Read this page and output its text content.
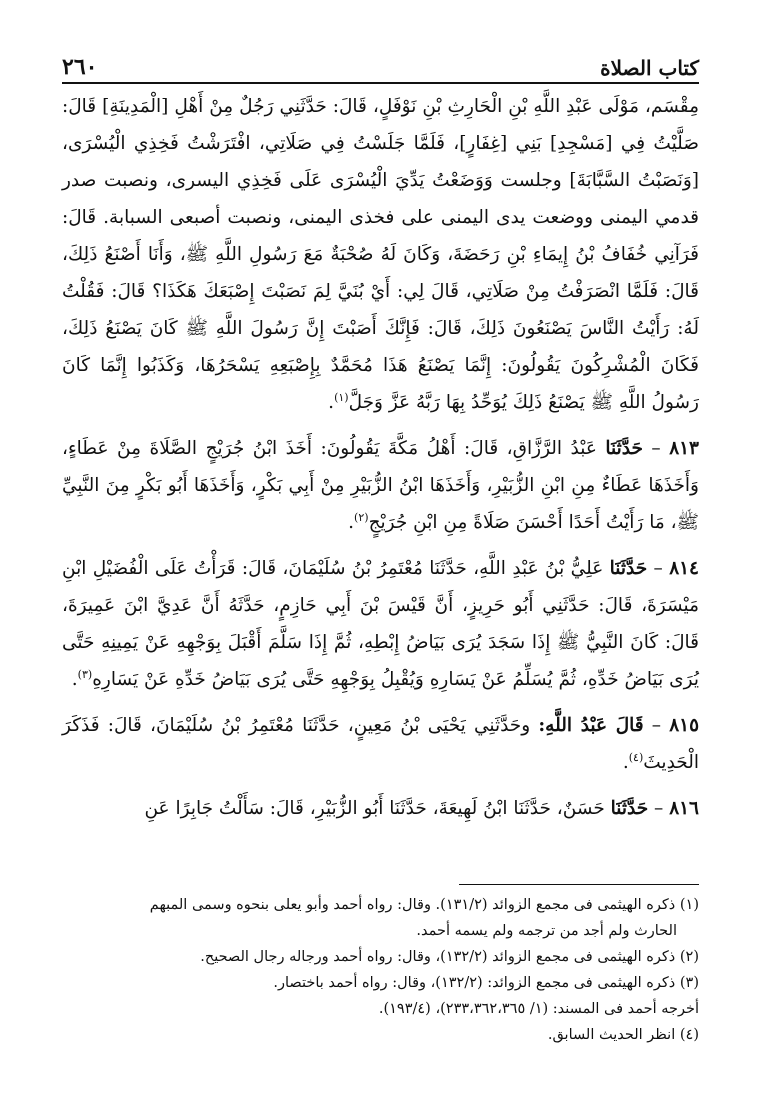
كتاب الصلاة
٢٦٠

مِقْسَم، مَوْلَى عَبْدِ اللَّهِ بْنِ الْحَارِثِ بْنِ نَوْفَلٍ، قَالَ: حَدَّثَنِي رَجُلٌ مِنْ أَهْلِ [الْمَدِينَةِ] قَالَ: صَلَّيْتُ فِي [مَسْجِدِ] بَنِي [غِفَارٍ]، فَلَمَّا جَلَسْتُ فِي صَلَاتِي، افْتَرَشْتُ فَخِذِي الْيُسْرَى، [وَنَصَبْتُ السَّبَّابَةَ] وجلست وَوَضَعْتُ يَدِّيَ الْيُسْرَى عَلَى فَخِذِي اليسرى، ونصبت صدر قدمي اليمنى ووضعت يدى اليمنى على فخذى اليمنى، ونصبت أصبعى السبابة. قَالَ: فَرَآنِي خُفَافُ بْنُ إِيمَاءِ بْنِ رَحَضَةَ، وَكَانَ لَهُ صُحْبَةٌ مَعَ رَسُولِ اللَّهِ ﷺ، وَأَنَا أَصْنَعُ ذَلِكَ، قَالَ: فَلَمَّا انْصَرَفْتُ مِنْ صَلَاتِي، قَالَ لِي: أَيْ بُنَيَّ لِمَ نَصَبْتَ إِصْبَعَكَ هَكَذَا؟ قَالَ: فَقُلْتُ لَهُ: رَأَيْتُ النَّاسَ يَصْنَعُونَ ذَلِكَ، قَالَ: فَإِنَّكَ أَصَبْتَ إِنَّ رَسُولَ اللَّهِ ﷺ كَانَ يَصْنَعُ ذَلِكَ، فَكَانَ الْمُشْرِكُونَ يَقُولُونَ: إِنَّمَا يَصْنَعُ هَذَا مُحَمَّدٌ بِإِصْبَعِهِ يَسْحَرُهَا، وَكَذَبُوا إِنَّمَا كَانَ رَسُولُ اللَّهِ ﷺ يَصْنَعُ ذَلِكَ يُوَحِّدُ بِهَا رَبَّهُ عَزَّ وَجَلَّ$^{(١)}$.

٨١٣ – حَدَّثَنَا عَبْدُ الرَّزَّاقِ، قَالَ: أَهْلُ مَكَّةَ يَقُولُونَ: أَخَذَ ابْنُ جُرَيْجٍ الصَّلَاةَ مِنْ عَطَاءٍ، وَأَخَذَهَا عَطَاءٌ مِنِ ابْنِ الزُّبَيْرِ، وَأَخَذَهَا ابْنُ الزُّبَيْرِ مِنْ أَبِي بَكْرٍ، وَأَخَذَهَا أَبُو بَكْرٍ مِنَ النَّبِيِّ ﷺ، مَا رَأَيْتُ أَحَدًا أَحْسَنَ صَلَاةً مِنِ ابْنِ جُرَيْجٍ$^{(٢)}$.

٨١٤ – حَدَّثَنَا عَلِيُّ بْنُ عَبْدِ اللَّهِ، حَدَّثَنَا مُعْتَمِرُ بْنُ سُلَيْمَانَ، قَالَ: قَرَأْتُ عَلَى الْفُضَيْلِ ابْنِ مَيْسَرَةَ، قَالَ: حَدَّثَنِي أَبُو حَرِيزٍ، أَنَّ قَيْسَ بْنَ أَبِي حَازِمٍ، حَدَّثَهُ أَنَّ عَدِيَّ ابْنَ عَمِيرَةَ، قَالَ: كَانَ النَّبِيُّ ﷺ إِذَا سَجَدَ يُرَى بَيَاضُ إِبْطِهِ، ثُمَّ إِذَا سَلَّمَ أَقْبَلَ بِوَجْهِهِ عَنْ يَمِينِهِ حَتَّى يُرَى بَيَاضُ خَدِّهِ، ثُمَّ يُسَلِّمُ عَنْ يَسَارِهِ وَيُقْبِلُ بِوَجْهِهِ حَتَّى يُرَى بَيَاضُ خَدِّهِ عَنْ يَسَارِهِ$^{(٣)}$.

٨١٥ – قَالَ عَبْدُ اللَّهِ: وحَدَّثَنِي يَحْيَى بْنُ مَعِينٍ، حَدَّثَنَا مُعْتَمِرُ بْنُ سُلَيْمَانَ، قَالَ: فَذَكَرَ الْحَدِيثَ$^{(٤)}$.

٨١٦ – حَدَّثَنَا حَسَنٌ، حَدَّثَنَا ابْنُ لَهِيعَةَ، حَدَّثَنَا أَبُو الزُّبَيْرِ، قَالَ: سَأَلْتُ جَابِرًا عَنِ

(١) ذكره الهيثمى فى مجمع الزوائد (١٣١/٢). وقال: رواه أحمد وأبو يعلى بنحوه وسمى المبهم

الحارث ولم أجد من ترجمه ولم يسمه أحمد.

(٢) ذكره الهيثمى فى مجمع الزوائد (١٣٢/٢)، وقال: رواه أحمد ورجاله رجال الصحيح.

(٣) ذكره الهيثمى فى مجمع الزوائد: (١٣٢/٢)، وقال: رواه أحمد باختصار.

أخرجه أحمد فى المسند: (١/ ٢٣٣،٣٦٢،٣٦٥)، (١٩٣/٤).

(٤) انظر الحديث السابق.
